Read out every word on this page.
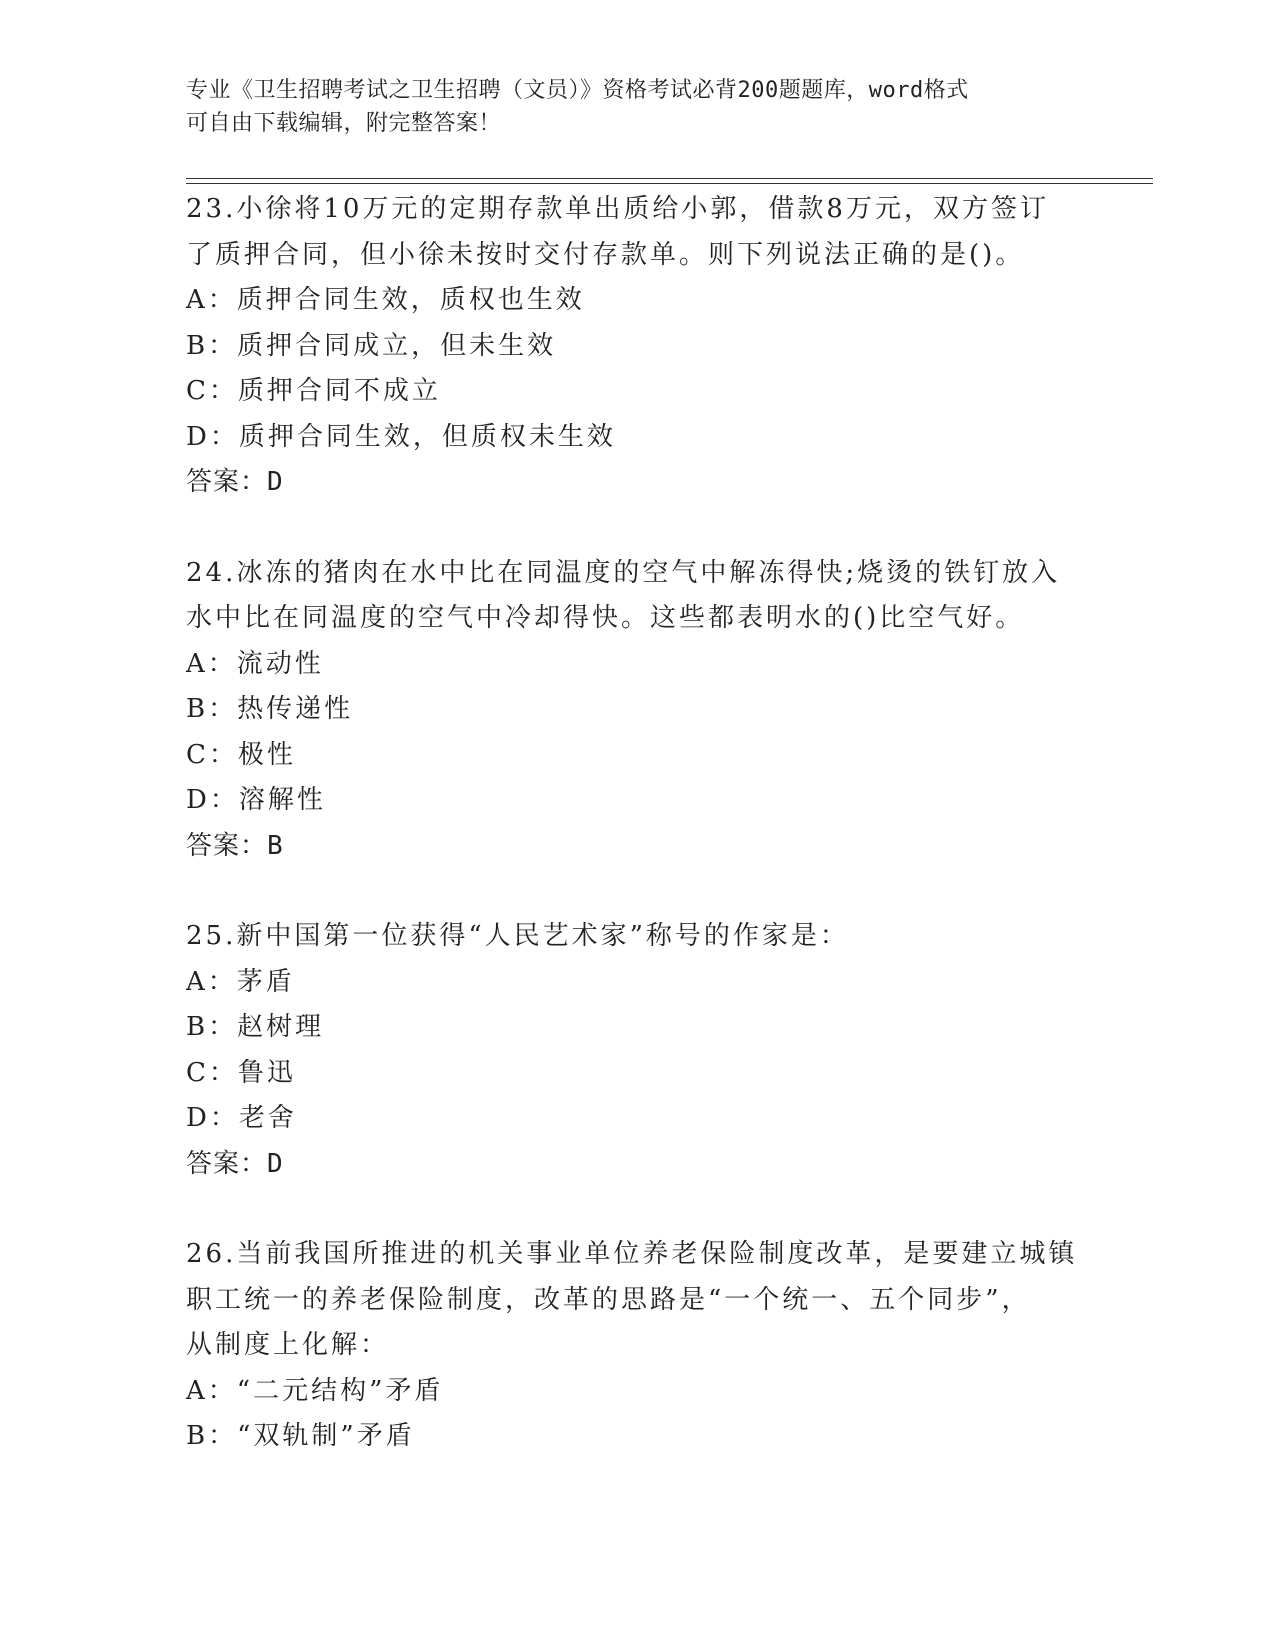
专业《卫生招聘考试之卫生招聘（文员）》资格考试必背200题题库，word格式
可自由下载编辑，附完整答案！
23.小徐将10万元的定期存款单出质给小郭，借款8万元，双方签订
了质押合同，但小徐未按时交付存款单。则下列说法正确的是()。
A：质押合同生效，质权也生效
B：质押合同成立，但未生效
C：质押合同不成立
D：质押合同生效，但质权未生效
答案：D
24.冰冻的猪肉在水中比在同温度的空气中解冻得快;烧烫的铁钉放入
水中比在同温度的空气中冷却得快。这些都表明水的()比空气好。
A：流动性
B：热传递性
C：极性
D：溶解性
答案：B
25.新中国第一位获得“人民艺术家”称号的作家是：
A：茅盾
B：赵树理
C：鲁迅
D：老舍
答案：D
26.当前我国所推进的机关事业单位养老保险制度改革，是要建立城镇
职工统一的养老保险制度，改革的思路是“一个统一、五个同步”，
从制度上化解：
A：“二元结构”矛盾
B：“双轨制”矛盾
